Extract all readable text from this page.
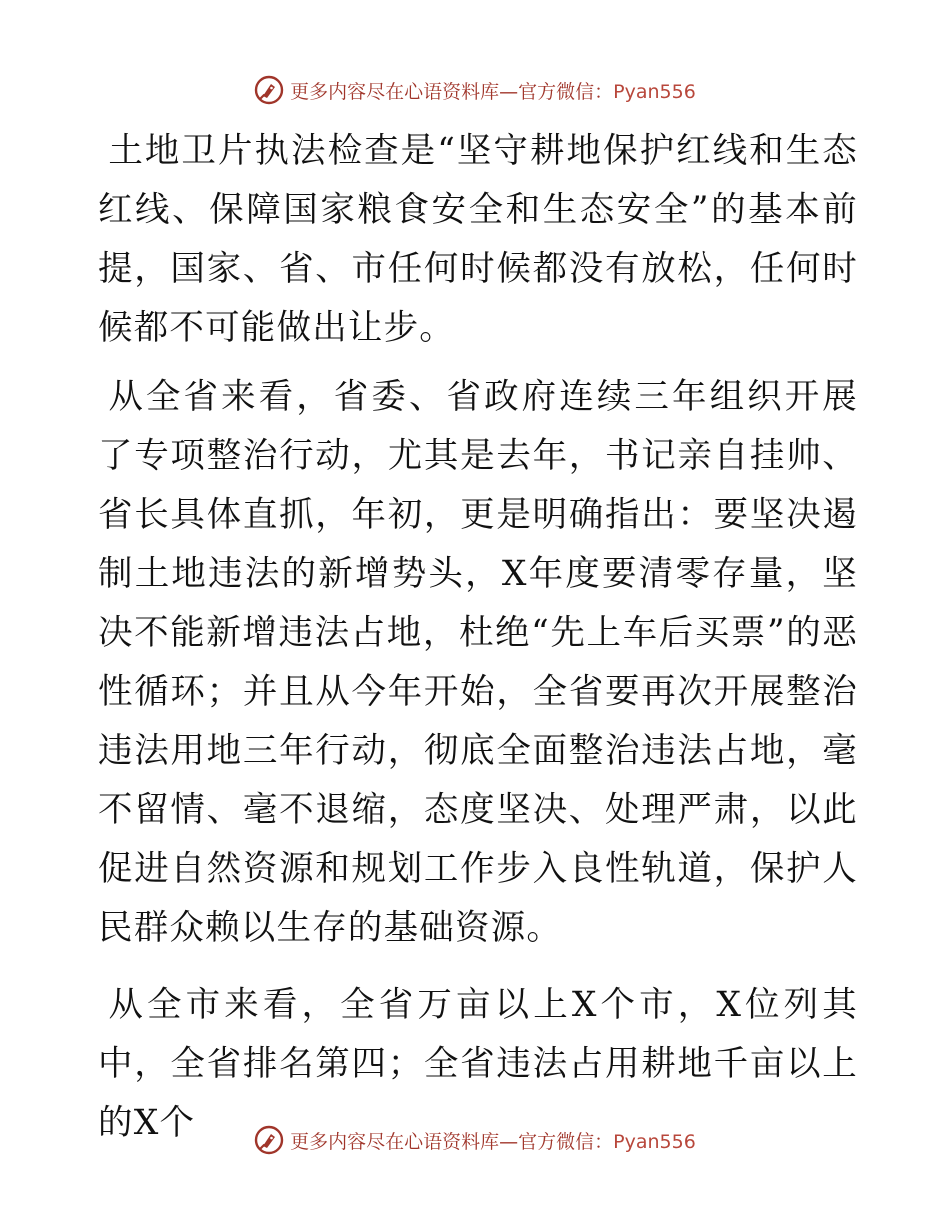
更多内容尽在心语资料库—官方微信：Pyan556

土地卫片执法检查是“坚守耕地保护红线和生态红线、保障国家粮食安全和生态安全”的基本前提，国家、省、市任何时候都没有放松，任何时候都不可能做出让步。

从全省来看，省委、省政府连续三年组织开展了专项整治行动，尤其是去年，书记亲自挂帅、省长具体直抓，年初，更是明确指出：要坚决遏制土地违法的新增势头，X年度要清零存量，坚决不能新增违法占地，杜绝“先上车后买票”的恶性循环；并且从今年开始，全省要再次开展整治违法用地三年行动，彻底全面整治违法占地，毫不留情、毫不退缩，态度坚决、处理严肃，以此促进自然资源和规划工作步入良性轨道，保护人民群众赖以生存的基础资源。

从全市来看，全省万亩以上X个市，X位列其中，全省排名第四；全省违法占用耕地千亩以上的X个	更多内容尽在心语资料库—官方微信：Pyan556
